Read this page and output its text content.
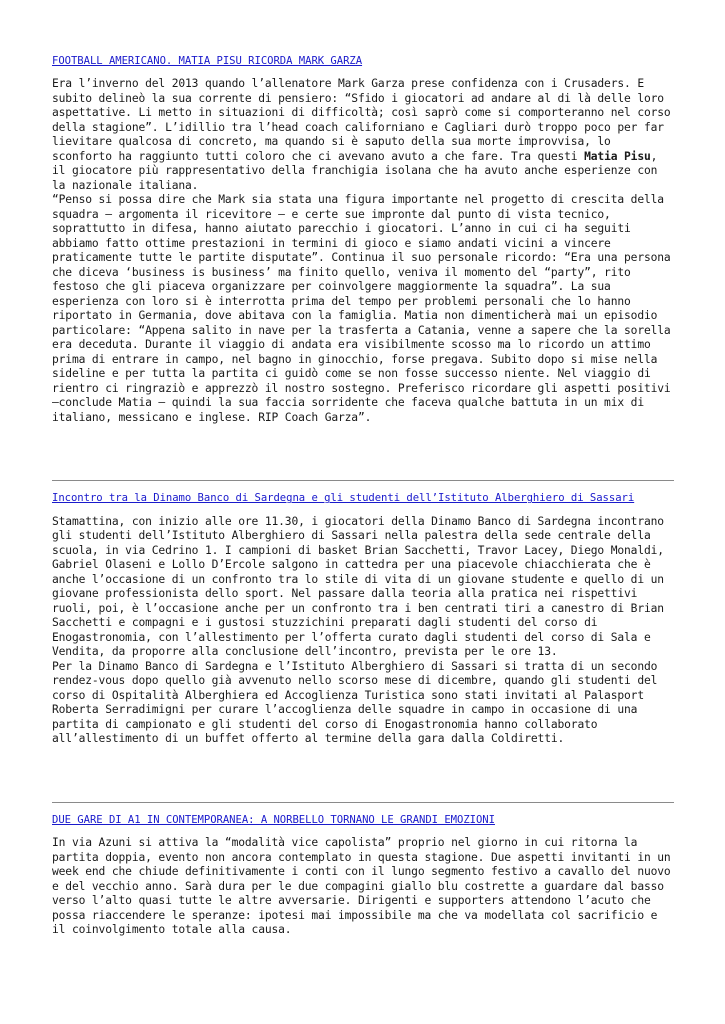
FOOTBALL AMERICANO. MATIA PISU RICORDA MARK GARZA

Era l’inverno del 2013 quando l’allenatore Mark Garza prese confidenza con i Crusaders. E subito delineò la sua corrente di pensiero: “Sfido i giocatori ad andare al di là delle loro aspettative. Li metto in situazioni di difficoltà; così saprò come si comporteranno nel corso della stagione”. L’idillio tra l’head coach californiano e Cagliari durò troppo poco per far lievitare qualcosa di concreto, ma quando si è saputo della sua morte improvvisa, lo sconforto ha raggiunto tutti coloro che ci avevano avuto a che fare. Tra questi Matia Pisu, il giocatore più rappresentativo della franchigia isolana che ha avuto anche esperienze con la nazionale italiana.

“Penso si possa dire che Mark sia stata una figura importante nel progetto di crescita della squadra – argomenta il ricevitore – e certe sue impronte dal punto di vista tecnico, soprattutto in difesa, hanno aiutato parecchio i giocatori. L’anno in cui ci ha seguiti abbiamo fatto ottime prestazioni in termini di gioco e siamo andati vicini a vincere praticamente tutte le partite disputate”. Continua il suo personale ricordo: “Era una persona che diceva ‘business is business’ ma finito quello, veniva il momento del “party”, rito festoso che gli piaceva organizzare per coinvolgere maggiormente la squadra”. La sua esperienza con loro si è interrotta prima del tempo per problemi personali che lo hanno riportato in Germania, dove abitava con la famiglia. Matia non dimenticherà mai un episodio particolare: “Appena salito in nave per la trasferta a Catania, venne a sapere che la sorella era deceduta. Durante il viaggio di andata era visibilmente scosso ma lo ricordo un attimo prima di entrare in campo, nel bagno in ginocchio, forse pregava. Subito dopo si mise nella sideline e per tutta la partita ci guidò come se non fosse successo niente. Nel viaggio di rientro ci ringraziò e apprezzò il nostro sostegno. Preferisco ricordare gli aspetti positivi –conclude Matia – quindi la sua faccia sorridente che faceva qualche battuta in un mix di italiano, messicano e inglese. RIP Coach Garza”.

Incontro tra la Dinamo Banco di Sardegna e gli studenti dell’Istituto Alberghiero di Sassari

Stamattina, con inizio alle ore 11.30, i giocatori della Dinamo Banco di Sardegna incontrano gli studenti dell’Istituto Alberghiero di Sassari nella palestra della sede centrale della scuola, in via Cedrino 1. I campioni di basket Brian Sacchetti, Travor Lacey, Diego Monaldi, Gabriel Olaseni e Lollo D’Ercole salgono in cattedra per una piacevole chiacchierata che è anche l’occasione di un confronto tra lo stile di vita di un giovane studente e quello di un giovane professionista dello sport. Nel passare dalla teoria alla pratica nei rispettivi ruoli, poi, è l’occasione anche per un confronto tra i ben centrati tiri a canestro di Brian Sacchetti e compagni e i gustosi stuzzichini preparati dagli studenti del corso di Enogastronomia, con l’allestimento per l’offerta curato dagli studenti del corso di Sala e Vendita, da proporre alla conclusione dell’incontro, prevista per le ore 13.

Per la Dinamo Banco di Sardegna e l’Istituto Alberghiero di Sassari si tratta di un secondo rendez-vous dopo quello già avvenuto nello scorso mese di dicembre, quando gli studenti del corso di Ospitalità Alberghiera ed Accoglienza Turistica sono stati invitati al Palasport Roberta Serradimigni per curare l’accoglienza delle squadre in campo in occasione di una partita di campionato e gli studenti del corso di Enogastronomia hanno collaborato all’allestimento di un buffet offerto al termine della gara dalla Coldiretti.

DUE GARE DI A1 IN CONTEMPORANEA: A NORBELLO TORNANO LE GRANDI EMOZIONI

In via Azuni si attiva la “modalità vice capolista” proprio nel giorno in cui ritorna la partita doppia, evento non ancora contemplato in questa stagione. Due aspetti invitanti in un week end che chiude definitivamente i conti con il lungo segmento festivo a cavallo del nuovo e del vecchio anno. Sarà dura per le due compagini giallo blu costrette a guardare dal basso verso l’alto quasi tutte le altre avversarie. Dirigenti e supporters attendono l’acuto che possa riaccendere le speranze: ipotesi mai impossibile ma che va modellata col sacrificio e il coinvolgimento totale alla causa.
